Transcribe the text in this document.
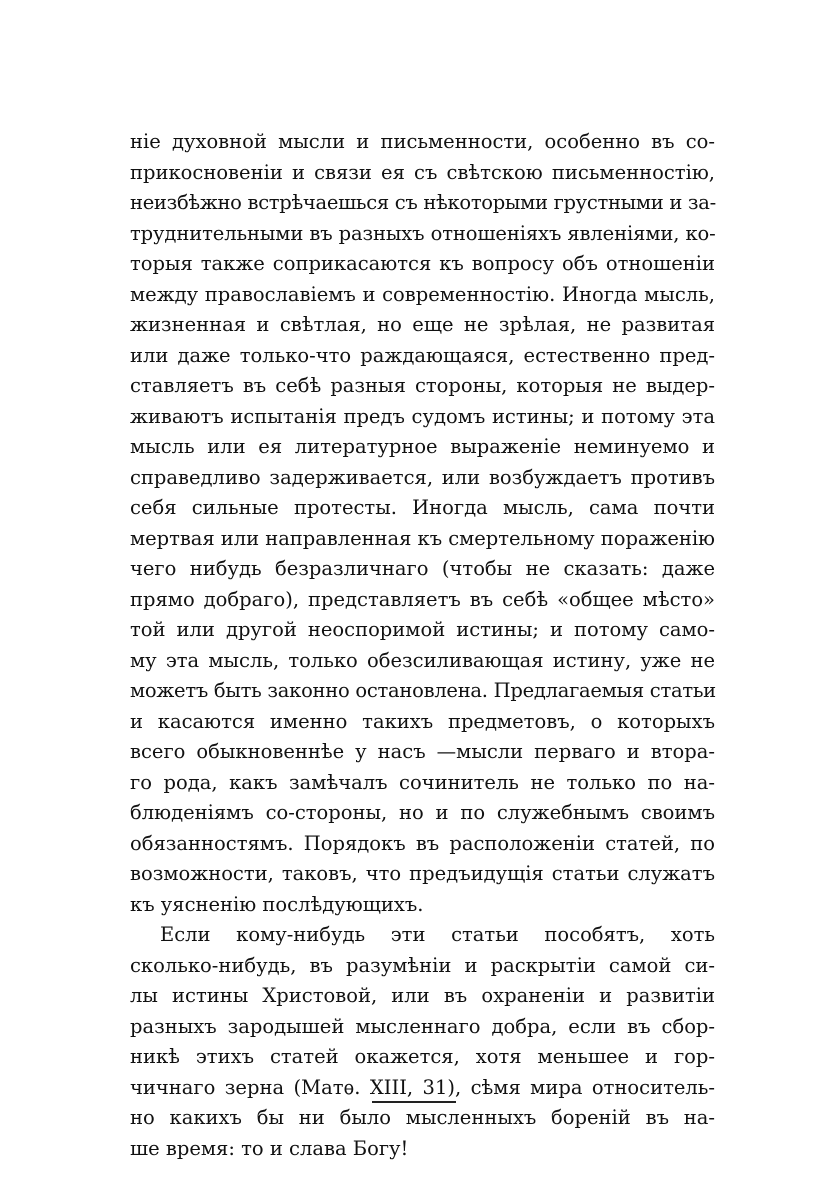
ніе духовной мысли и письменности, особенно въ со-
прикосновеніи и связи ея съ свѣтскою письменностію,
неизбѣжно встрѣчаешься съ нѣкоторыми грустными и за-
труднительными въ разныхъ отношеніяхъ явленіями, ко-
торыя также соприкасаются къ вопросу объ отношеніи
между православіемъ и современностію. Иногда мысль,
жизненная и свѣтлая, но еще не зрѣлая, не развитая
или даже только-что раждающаяся, естественно пред-
ставляетъ въ себѣ разныя стороны, которыя не выдер-
живаютъ испытанія предъ судомъ истины; и потому эта
мысль или ея литературное выраженіе неминуемо и
справедливо задерживается, или возбуждаетъ противъ
себя сильные протесты. Иногда мысль, сама почти
мертвая или направленная къ смертельному пораженію
чего нибудь безразличнаго (чтобы не сказать: даже
прямо добраго), представляетъ въ себѣ «общее мѣсто»
той или другой неоспоримой истины; и потому само-
му эта мысль, только обезсиливающая истину, уже не
можетъ быть законно остановлена. Предлагаемыя статьи
и касаются именно такихъ предметовъ, о которыхъ
всего обыкновеннѣе у насъ —мысли перваго и втора-
го рода, какъ замѣчалъ сочинитель не только по на-
блюденіямъ со-стороны, но и по служебнымъ своимъ
обязанностямъ. Порядокъ въ расположеніи статей, по
возможности, таковъ, что предъидущія статьи служатъ
къ уясненію послѣдующихъ.
Если кому-нибудь эти статьи пособятъ, хоть
сколько-нибудь, въ разумѣніи и раскрытіи самой си-
лы истины Христовой, или въ охраненіи и развитіи
разныхъ зародышей мысленнаго добра, если въ сбор-
никѣ этихъ статей окажется, хотя меньшее и гор-
чичнаго зерна (Матѳ. XIII, 31), сѣмя мира относитель-
но какихъ бы ни было мысленныхъ бореній въ на-
ше время: то и слава Богу!
